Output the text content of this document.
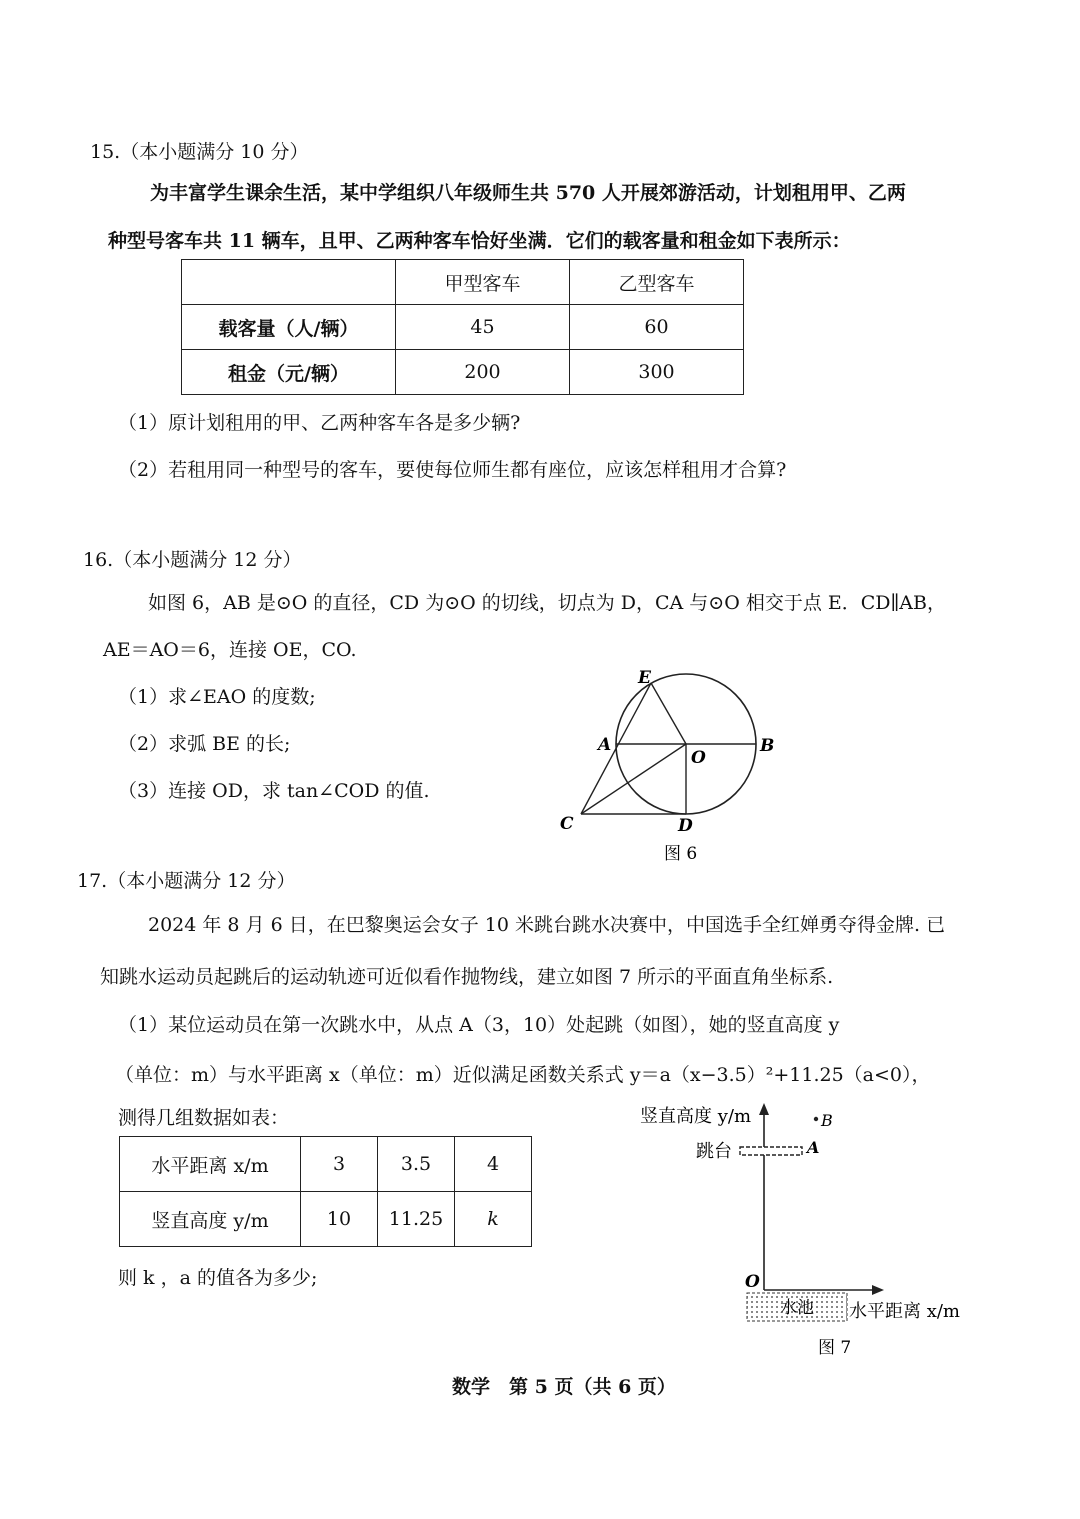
15.（本小题满分 10 分）
为丰富学生课余生活，某中学组织八年级师生共 570 人开展郊游活动，计划租用甲、乙两
种型号客车共 11 辆车，且甲、乙两种客车恰好坐满．它们的载客量和租金如下表所示：
	甲型客车	乙型客车
载客量（人/辆）	45	60
租金（元/辆）	200	300
（1）原计划租用的甲、乙两种客车各是多少辆?
（2）若租用同一种型号的客车，要使每位师生都有座位，应该怎样租用才合算?
16.（本小题满分 12 分）
如图 6，AB 是⊙O 的直径，CD 为⊙O 的切线，切点为 D，CA 与⊙O 相交于点 E．CD∥AB，
AE＝AO＝6，连接 OE，CO.
（1）求∠EAO 的度数;
（2）求弧 BE 的长;
（3）连接 OD，求 tan∠COD 的值.
E
A
O
B
C	D
图 6
17.（本小题满分 12 分）
2024 年 8 月 6 日，在巴黎奥运会女子 10 米跳台跳水决赛中，中国选手全红婵勇夺得金牌. 已
知跳水运动员起跳后的运动轨迹可近似看作抛物线，建立如图 7 所示的平面直角坐标系.
（1）某位运动员在第一次跳水中，从点 A（3，10）处起跳（如图），她的竖直高度 y
（单位：m）与水平距离 x（单位：m）近似满足函数关系式 y＝a（x−3.5）²+11.25（a<0），
测得几组数据如表：
水平距离 x/m	3	3.5	4
竖直高度 y/m	10	11.25	k
则 k ，a 的值各为多少;
竖直高度 y/m	B
跳台	A
O
水池 水平距离 x/m
图 7
数学　第 5 页（共 6 页）
